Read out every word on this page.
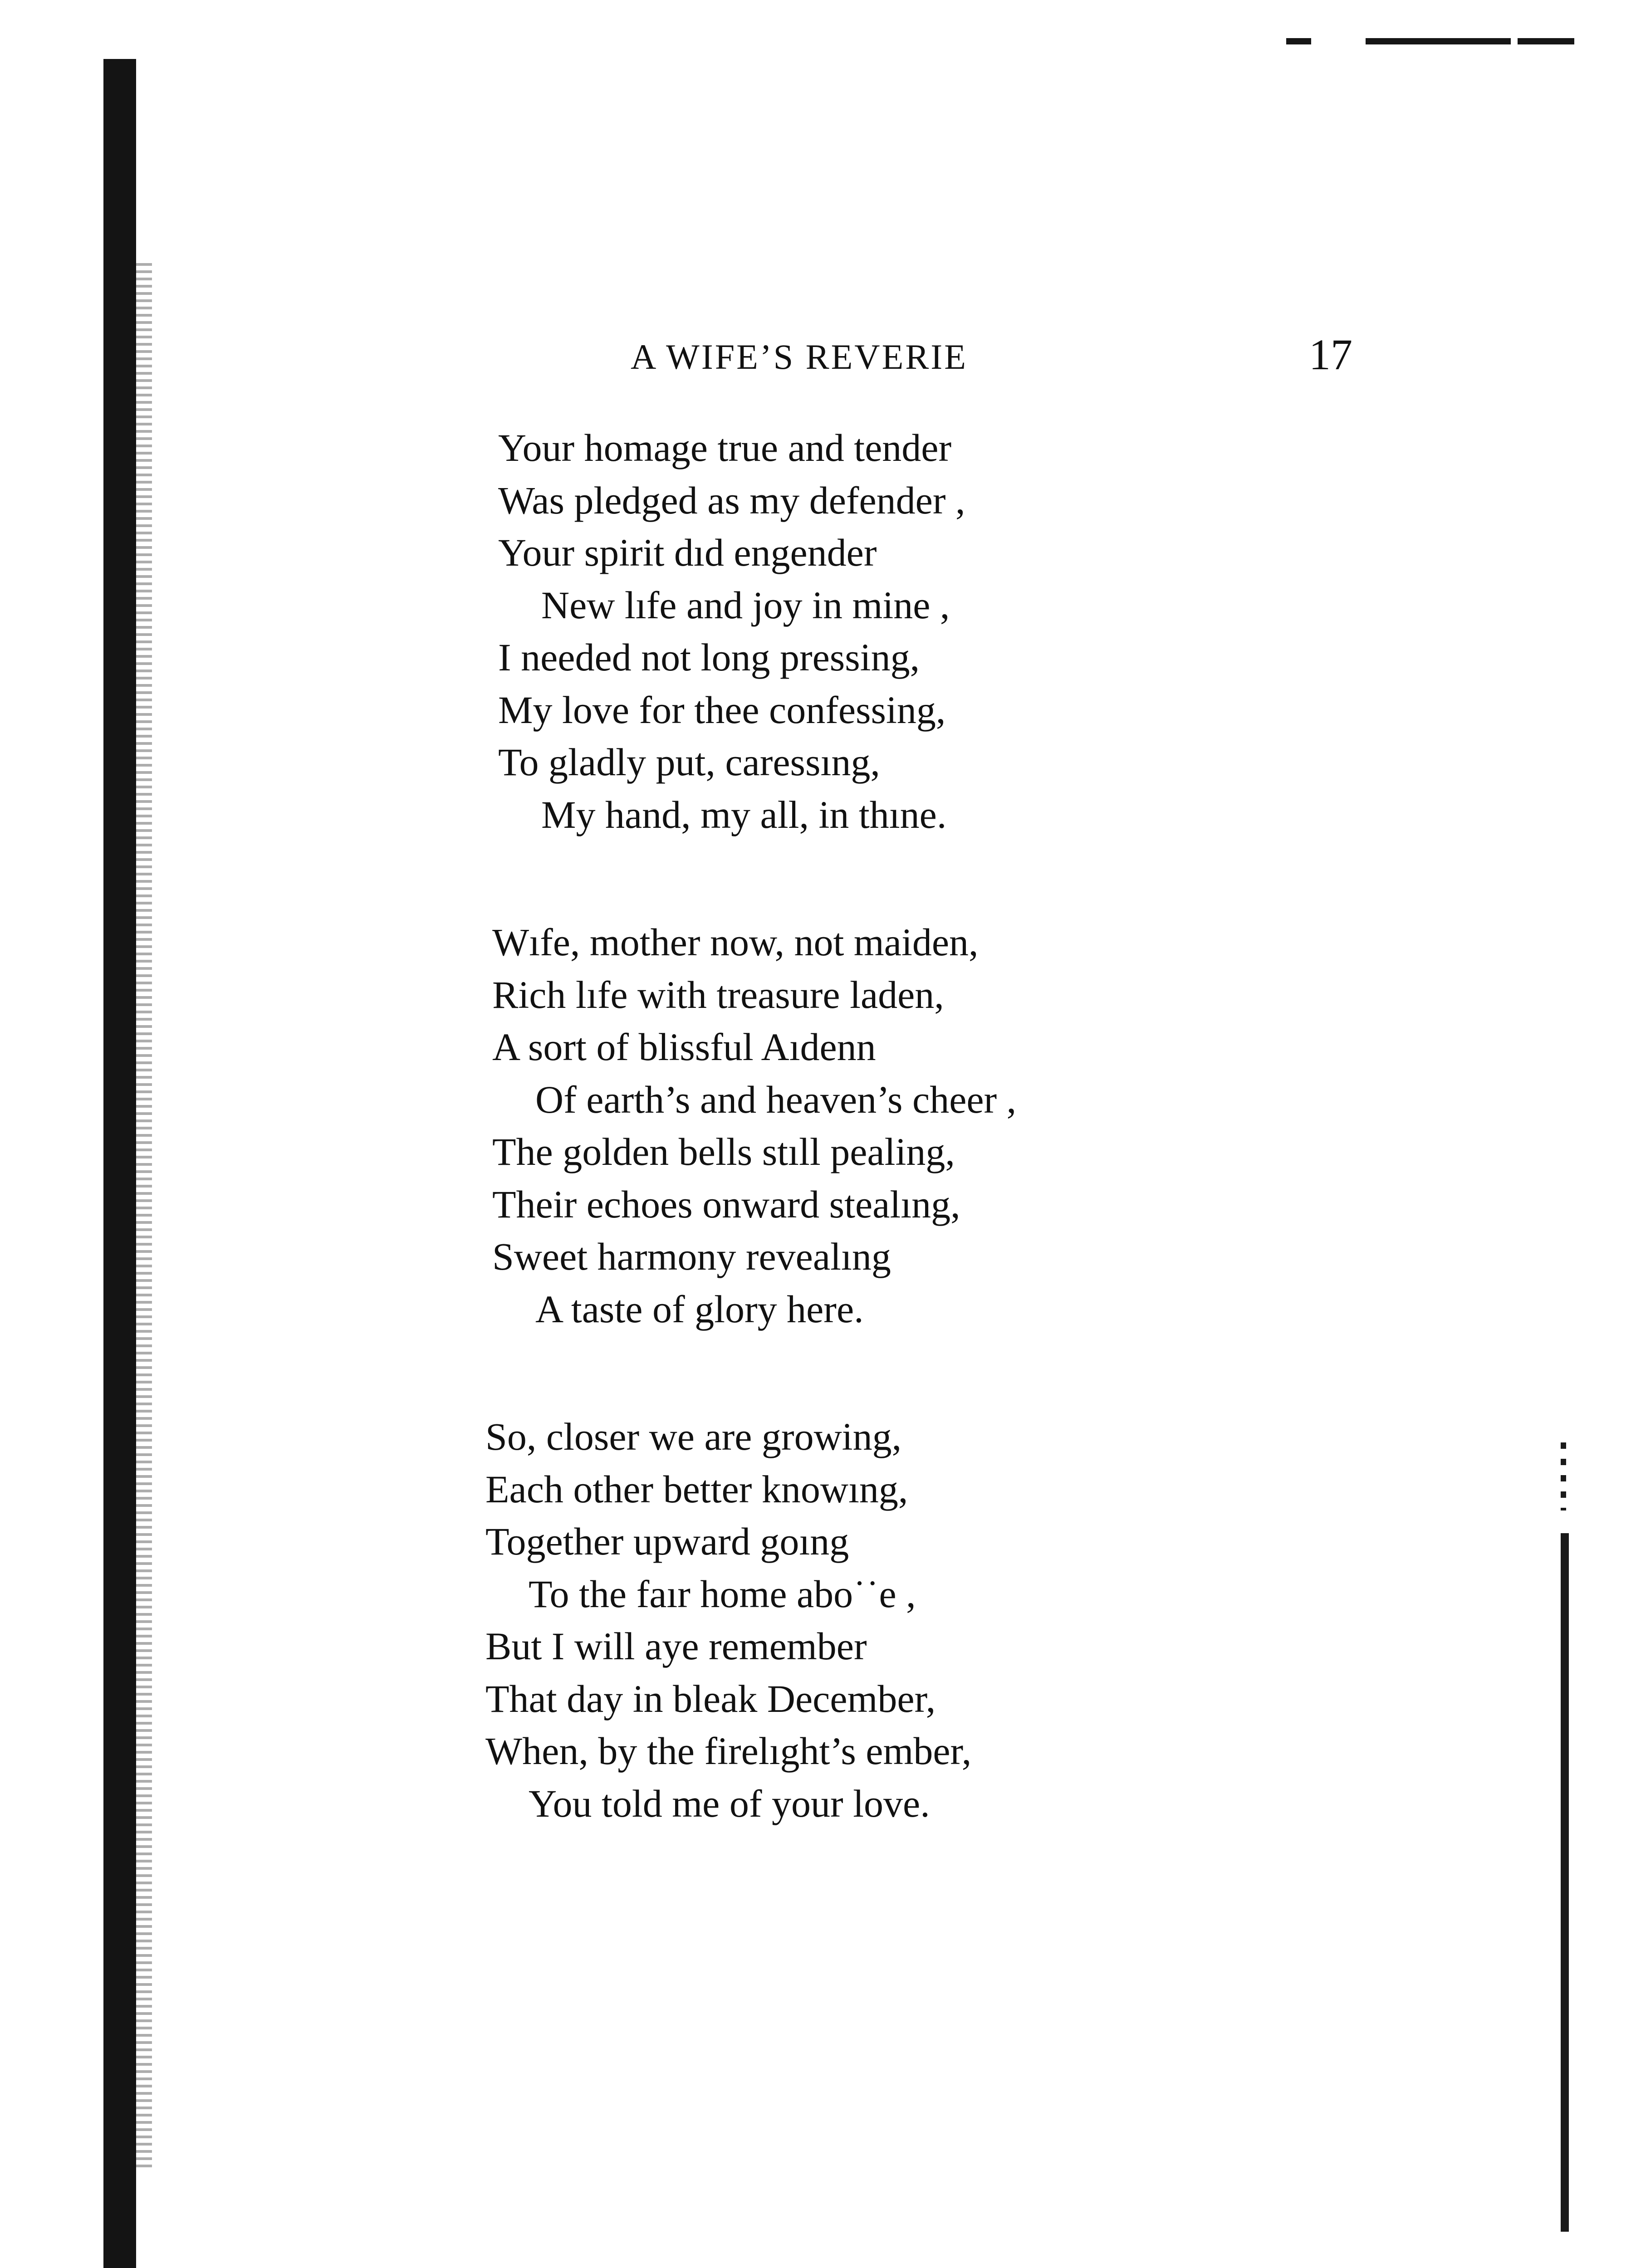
A WIFE’S REVERIE	17
Your homage true and tender
Was pledged as my defender ,
Your spirit dıd engender
New lıfe and joy in mine ,
I needed not long pressing,
My love for thee confessing,
To gladly put, caressıng,
My hand, my all, in thıne.
Wıfe, mother now, not maiden,
Rich lıfe with treasure laden,
A sort of blissful Aıdenn
Of earth’s and heaven’s cheer ,
The golden bells stıll pealing,
Their echoes onward stealıng,
Sweet harmony revealıng
A taste of glory here.
So, closer we are growing,
Each other better knowıng,
Together upward goıng
To the faır home abo˙˙e ,
But I will aye remember
That day in bleak December,
When, by the firelıght’s ember,
You told me of your love.
